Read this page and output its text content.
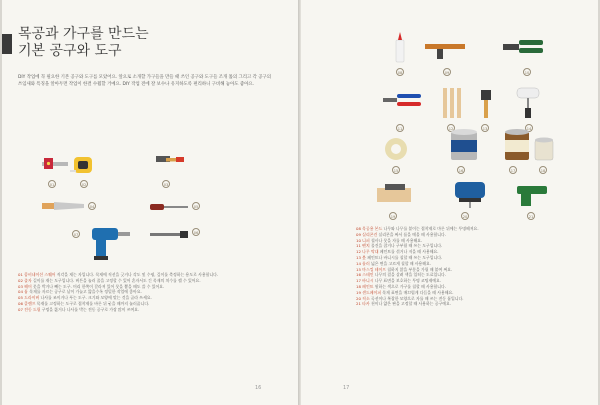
목공과 가구를 만드는
기본 공구와 도구

DIY 작업에 꼭 필요한 기본 공구와 도구를 모았어요. 앞으로 소개할 가구들을 만들 때 쓰인 공구와 도구들 조개 툴의 그리고 각 공구의 쓰임새와 특징을 알아두면 작업이 한결 수월할 거예요. DIY 작업 전에 잘 보수나 유지하도록 편리하니 구비해 놓아도 좋아요.

01	02	03
04	05
06
07
01 콤비네이션 스퀘어 직각을 재는 자입니다. 목재에 직선을 긋거나 각도 및 수평, 깊이를 측정하는 용도로 사용합니다.
02 줄자 길이를 재는 도구입니다. 버튼을 눌러 줄을 고정할 수 있어 혼자서도 긴 목재의 치수를 잴 수 있어요.
03 해머 못을 박거나 빼는 도구. 머리 한쪽이 갈라져 있어 못을 뽑을 때도 쓸 수 있어요.
04 톱 목재를 자르는 공구로 날이 가늘고 얇을수록 정밀한 작업에 좋아요.
05 드라이버 나사를 조이거나 푸는 도구. 크기와 모양에 맞는 것을 골라 쓰세요.
06 클램프 목재를 고정하는 도구로 접착제를 바른 뒤 굳을 때까지 눌러줍니다.
07 전동 드릴 구멍을 뚫거나 나사를 박는 전동 공구로 가장 많이 쓰여요.
16
08	09	10
11	12	13	14
15	16	17	18
19	20	21
08 목공용 본드 나무와 나무를 붙이는 접착제로 마른 뒤에는 투명해져요.
09 실리콘건 실리콘을 짜서 틈을 메울 때 사용합니다.
10 니퍼 철사나 못을 자를 때 사용해요.
11 펜치 물건을 잡거나 구부릴 때 쓰는 도구입니다.
12 나무 막대 페인트를 섞거나 저을 때 사용해요.
13 붓 페인트나 바니시를 칠할 때 쓰는 도구입니다.
14 롤러 넓은 면을 고르게 칠할 때 사용해요.
15 마스킹 테이프 칠하지 않을 부분을 가릴 때 붙여 써요.
16 스테인 나무의 결을 살려 색을 입히는 도료입니다.
17 바니시 나무 표면을 보호하는 투명 코팅제예요.
18 페인트 원하는 색으로 가구를 칠할 때 사용합니다.
19 샌드페이퍼 목재 표면을 매끄럽게 다듬을 때 사용해요.
20 직소 곡선이나 복잡한 모양으로 자를 때 쓰는 전동 톱입니다.
21 타카 천이나 얇은 판을 고정할 때 사용하는 공구예요.
17
